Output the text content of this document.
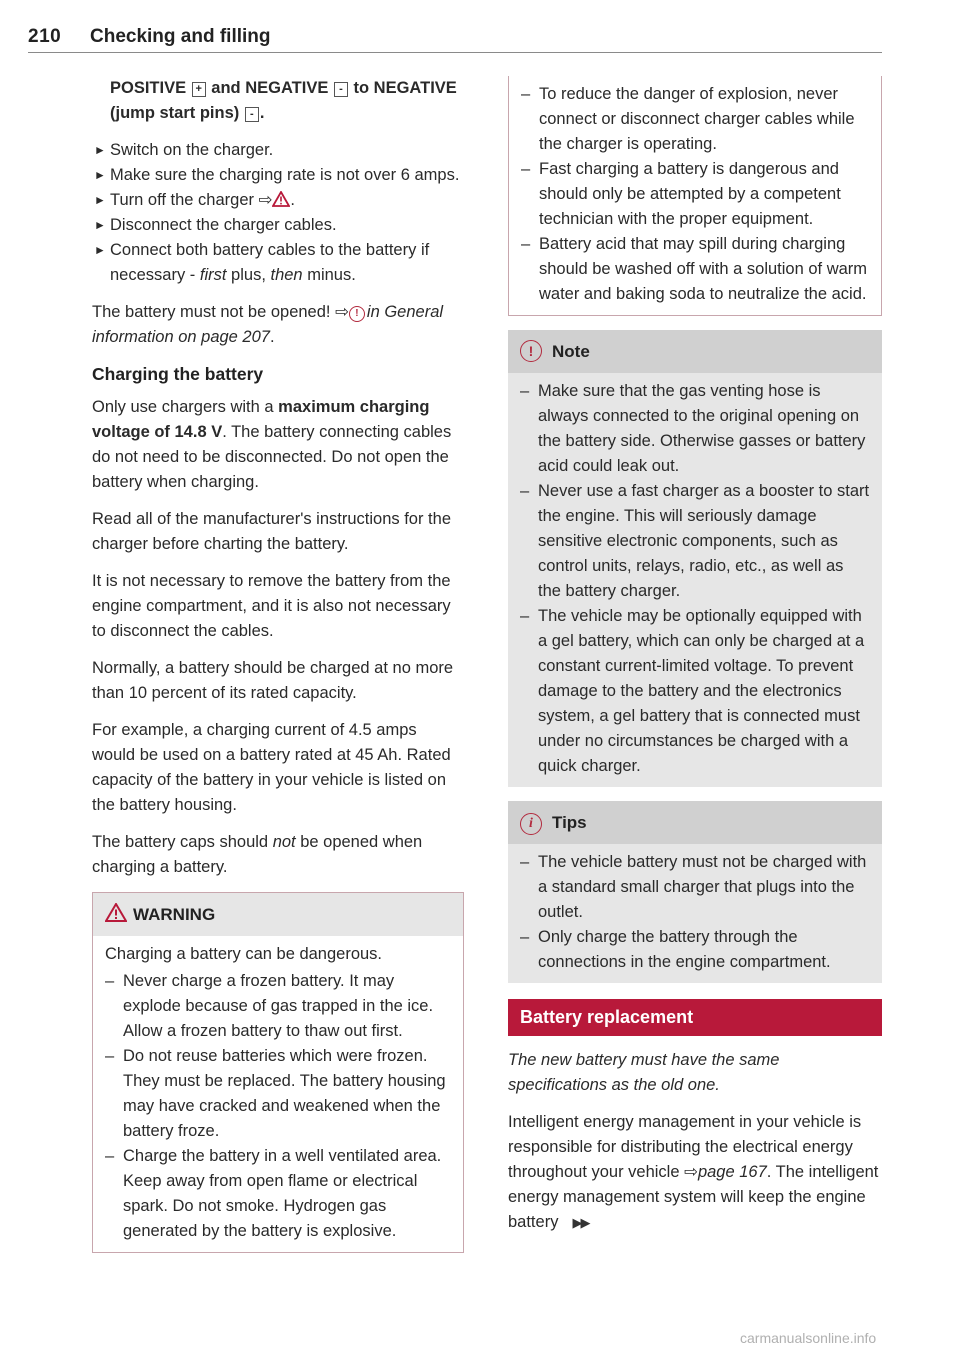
210 Checking and filling

POSITIVE + and NEGATIVE - to NEGATIVE (jump start pins) - .

► Switch on the charger.
► Make sure the charging rate is not over 6 amps.
► Turn off the charger ⇨ .
► Disconnect the charger cables.
► Connect both battery cables to the battery if necessary - first plus, then minus.

The battery must not be opened! ⇨ ! in General information on page 207.

Charging the battery

Only use chargers with a maximum charging voltage of 14.8 V. The battery connecting cables do not need to be disconnected. Do not open the battery when charging.

Read all of the manufacturer's instructions for the charger before charting the battery.

It is not necessary to remove the battery from the engine compartment, and it is also not necessary to disconnect the cables.

Normally, a battery should be charged at no more than 10 percent of its rated capacity.

For example, a charging current of 4.5 amps would be used on a battery rated at 45 Ah. Rated capacity of the battery in your vehicle is listed on the battery housing.

The battery caps should not be opened when charging a battery.

WARNING

Charging a battery can be dangerous.

– Never charge a frozen battery. It may explode because of gas trapped in the ice. Allow a frozen battery to thaw out first.
– Do not reuse batteries which were frozen. They must be replaced. The battery housing may have cracked and weakened when the battery froze.
– Charge the battery in a well ventilated area. Keep away from open flame or electrical spark. Do not smoke. Hydrogen gas generated by the battery is explosive.
– To reduce the danger of explosion, never connect or disconnect charger cables while the charger is operating.
– Fast charging a battery is dangerous and should only be attempted by a competent technician with the proper equipment.
– Battery acid that may spill during charging should be washed off with a solution of warm water and baking soda to neutralize the acid.
! Note
– Make sure that the gas venting hose is always connected to the original opening on the battery side. Otherwise gasses or battery acid could leak out.
– Never use a fast charger as a booster to start the engine. This will seriously damage sensitive electronic components, such as control units, relays, radio, etc., as well as the battery charger.
– The vehicle may be optionally equipped with a gel battery, which can only be charged at a constant current-limited voltage. To prevent damage to the battery and the electronics system, a gel battery that is connected must under no circumstances be charged with a quick charger.
i Tips
– The vehicle battery must not be charged with a standard small charger that plugs into the outlet.
– Only charge the battery through the connections in the engine compartment.
Battery replacement

The new battery must have the same specifications as the old one.

Intelligent energy management in your vehicle is responsible for distributing the electrical energy throughout your vehicle ⇨page 167. The intelligent energy management system will keep the engine battery ▶▶

carmanualsonline.info
